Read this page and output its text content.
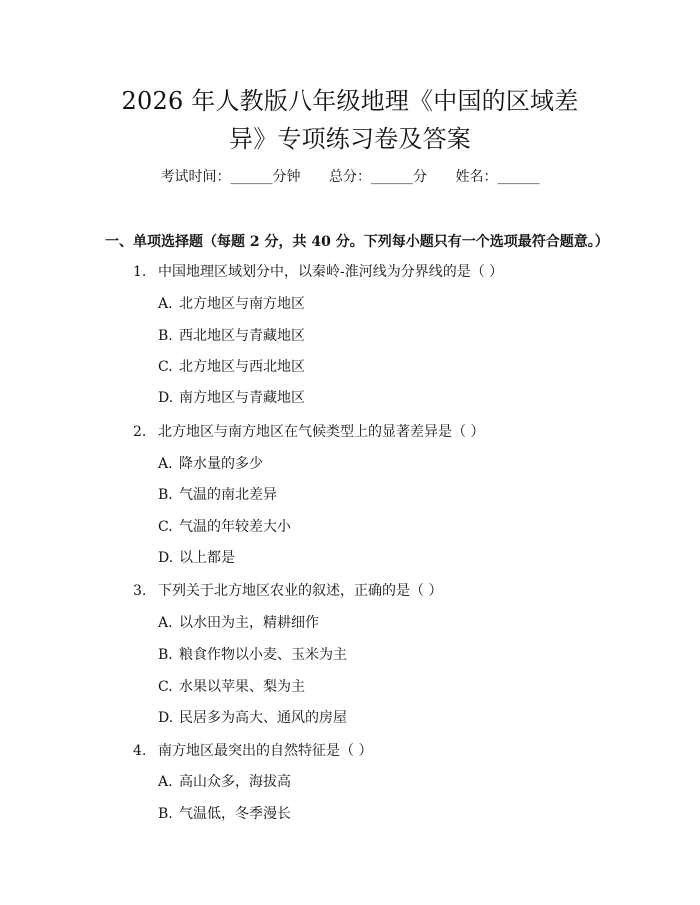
2026 年人教版八年级地理《中国的区域差
异》专项练习卷及答案
考试时间：______分钟 总分：______分 姓名：______
一、单项选择题（每题 2 分，共 40 分。下列每小题只有一个选项最符合题意。）
1. 中国地理区域划分中，以秦岭-淮河线为分界线的是（ ）
A. 北方地区与南方地区
B. 西北地区与青藏地区
C. 北方地区与西北地区
D. 南方地区与青藏地区
2. 北方地区与南方地区在气候类型上的显著差异是（ ）
A. 降水量的多少
B. 气温的南北差异
C. 气温的年较差大小
D. 以上都是
3. 下列关于北方地区农业的叙述，正确的是（ ）
A. 以水田为主，精耕细作
B. 粮食作物以小麦、玉米为主
C. 水果以苹果、梨为主
D. 民居多为高大、通风的房屋
4. 南方地区最突出的自然特征是（ ）
A. 高山众多，海拔高
B. 气温低，冬季漫长
